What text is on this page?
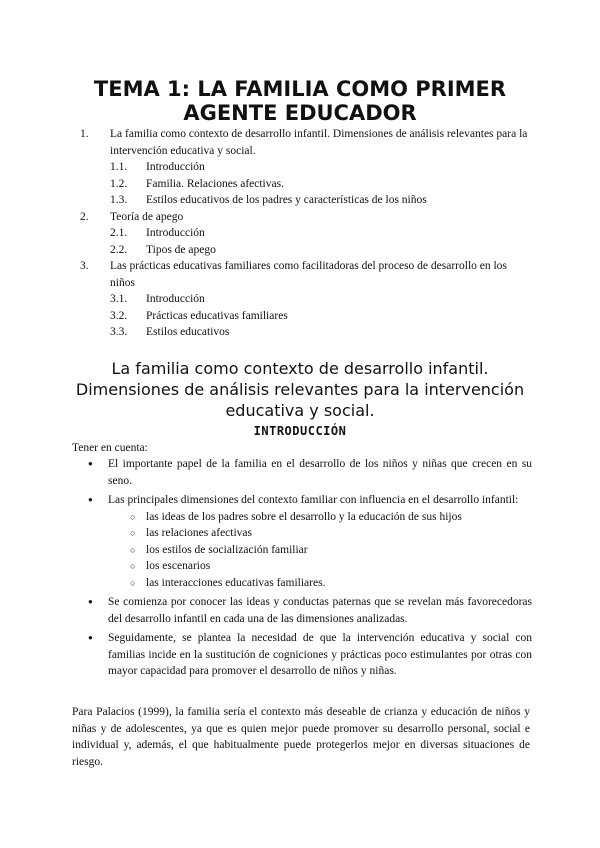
TEMA 1: LA FAMILIA COMO PRIMER AGENTE EDUCADOR
1.	La familia como contexto de desarrollo infantil. Dimensiones de análisis relevantes para la intervención educativa y social.
1.1.	Introducción
1.2.	Familia. Relaciones afectivas.
1.3.	Estilos educativos de los padres y características de los niños
2.	Teoría de apego
2.1.	Introducción
2.2.	Tipos de apego
3.	Las prácticas educativas familiares como facilitadoras del proceso de desarrollo en los niños
3.1.	Introducción
3.2.	Prácticas educativas familiares
3.3.	Estilos educativos
La familia como contexto de desarrollo infantil. Dimensiones de análisis relevantes para la intervención educativa y social.
INTRODUCCIÓN
Tener en cuenta:
● El importante papel de la familia en el desarrollo de los niños y niñas que crecen en su seno.
● Las principales dimensiones del contexto familiar con influencia en el desarrollo infantil:
○ las ideas de los padres sobre el desarrollo y la educación de sus hijos
○ las relaciones afectivas
○ los estilos de socialización familiar
○ los escenarios
○ las interacciones educativas familiares.
● Se comienza por conocer las ideas y conductas paternas que se revelan más favorecedoras del desarrollo infantil en cada una de las dimensiones analizadas.
● Seguidamente, se plantea la necesidad de que la intervención educativa y social con familias incide en la sustitución de cogniciones y prácticas poco estimulantes por otras con mayor capacidad para promover el desarrollo de niños y niñas.

Para Palacios (1999), la familia sería el contexto más deseable de crianza y educación de niños y niñas y de adolescentes, ya que es quien mejor puede promover su desarrollo personal, social e individual y, además, el que habitualmente puede protegerlos mejor en diversas situaciones de riesgo.
